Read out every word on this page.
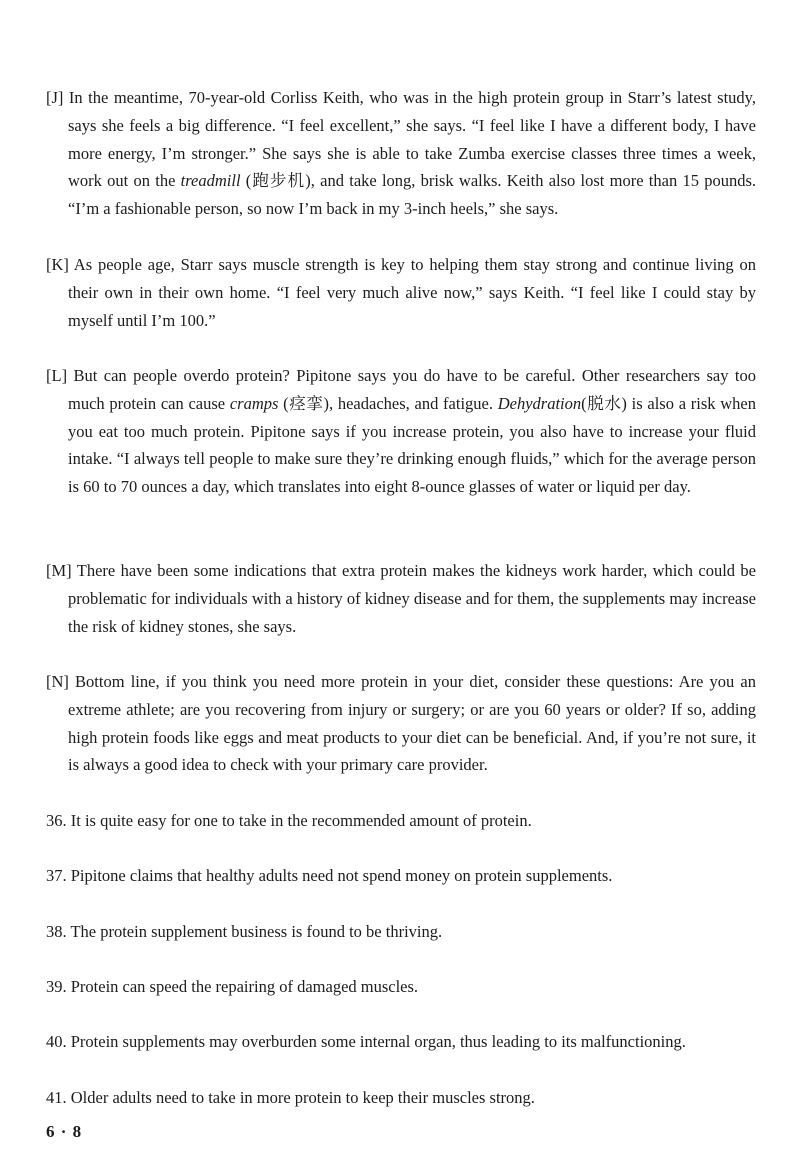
[J] In the meantime, 70-year-old Corliss Keith, who was in the high protein group in Starr’s latest study, says she feels a big difference. “I feel excellent,” she says. “I feel like I have a different body, I have more energy, I’m stronger.” She says she is able to take Zumba exercise classes three times a week, work out on the treadmill (跑步机), and take long, brisk walks. Keith also lost more than 15 pounds. “I’m a fashionable person, so now I’m back in my 3-inch heels,” she says.
[K] As people age, Starr says muscle strength is key to helping them stay strong and continue living on their own in their own home. “I feel very much alive now,” says Keith. “I feel like I could stay by myself until I’m 100.”
[L] But can people overdo protein? Pipitone says you do have to be careful. Other researchers say too much protein can cause cramps (痉挛), headaches, and fatigue. Dehydration(脱水) is also a risk when you eat too much protein. Pipitone says if you increase protein, you also have to increase your fluid intake. “I always tell people to make sure they’re drinking enough fluids,” which for the average person is 60 to 70 ounces a day, which translates into eight 8-ounce glasses of water or liquid per day.
[M] There have been some indications that extra protein makes the kidneys work harder, which could be problematic for individuals with a history of kidney disease and for them, the supplements may increase the risk of kidney stones, she says.
[N] Bottom line, if you think you need more protein in your diet, consider these questions: Are you an extreme athlete; are you recovering from injury or surgery; or are you 60 years or older? If so, adding high protein foods like eggs and meat products to your diet can be beneficial. And, if you’re not sure, it is always a good idea to check with your primary care provider.
36. It is quite easy for one to take in the recommended amount of protein.
37. Pipitone claims that healthy adults need not spend money on protein supplements.
38. The protein supplement business is found to be thriving.
39. Protein can speed the repairing of damaged muscles.
40. Protein supplements may overburden some internal organ, thus leading to its malfunctioning.
41. Older adults need to take in more protein to keep their muscles strong.
6 · 8
